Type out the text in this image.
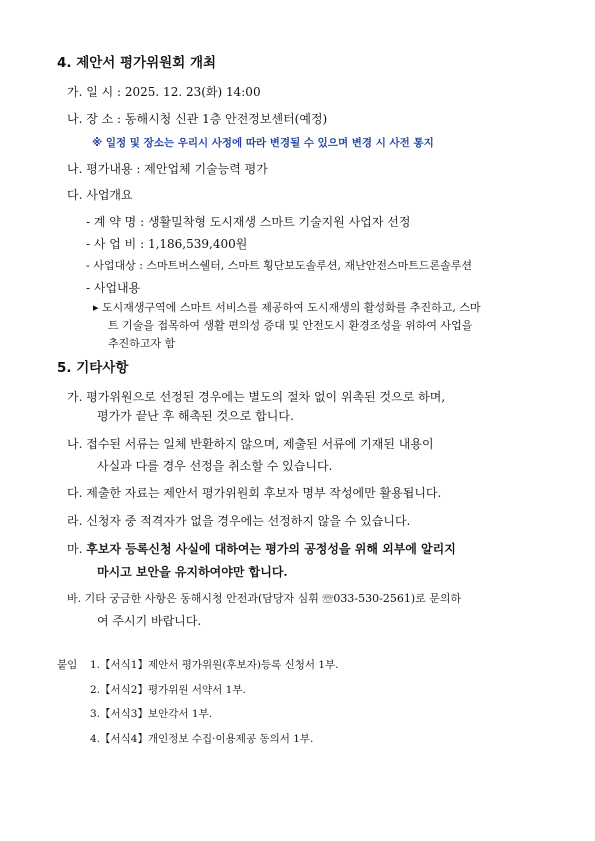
4. 제안서 평가위원회 개최
가. 일 시 : 2025. 12. 23(화) 14:00
나. 장 소 : 동해시청 신관 1층 안전정보센터(예정)
※ 일정 및 장소는 우리시 사정에 따라 변경될 수 있으며 변경 시 사전 통지
나. 평가내용 : 제안업체 기술능력 평가
다. 사업개요
- 계 약 명 : 생활밀착형 도시재생 스마트 기술지원 사업자 선정
- 사 업 비 : 1,186,539,400원
- 사업대상 : 스마트버스쉘터, 스마트 횡단보도솔루션, 재난안전스마트드론솔루션
- 사업내용
▸ 도시재생구역에 스마트 서비스를 제공하여 도시재생의 활성화를 추진하고, 스마
트 기술을 접목하여 생활 편의성 증대 및 안전도시 환경조성을 위하여 사업을
추진하고자 함
5. 기타사항
가. 평가위원으로 선정된 경우에는 별도의 절차 없이 위촉된 것으로 하며,
평가가 끝난 후 해촉된 것으로 합니다.
나. 접수된 서류는 일체 반환하지 않으며, 제출된 서류에 기재된 내용이
사실과 다를 경우 선정을 취소할 수 있습니다.
다. 제출한 자료는 제안서 평가위원회 후보자 명부 작성에만 활용됩니다.
라. 신청자 중 적격자가 없을 경우에는 선정하지 않을 수 있습니다.
마. 후보자 등록신청 사실에 대하여는 평가의 공정성을 위해 외부에 알리지
마시고 보안을 유지하여야만 합니다.
바. 기타 궁금한 사항은 동해시청 안전과(담당자 심휘 ☏033-530-2561)로 문의하
여 주시기 바랍니다.
붙임 1.【서식1】제안서 평가위원(후보자)등록 신청서 1부.
2.【서식2】평가위원 서약서 1부.
3.【서식3】보안각서 1부.
4.【서식4】개인정보 수집·이용제공 동의서 1부.
